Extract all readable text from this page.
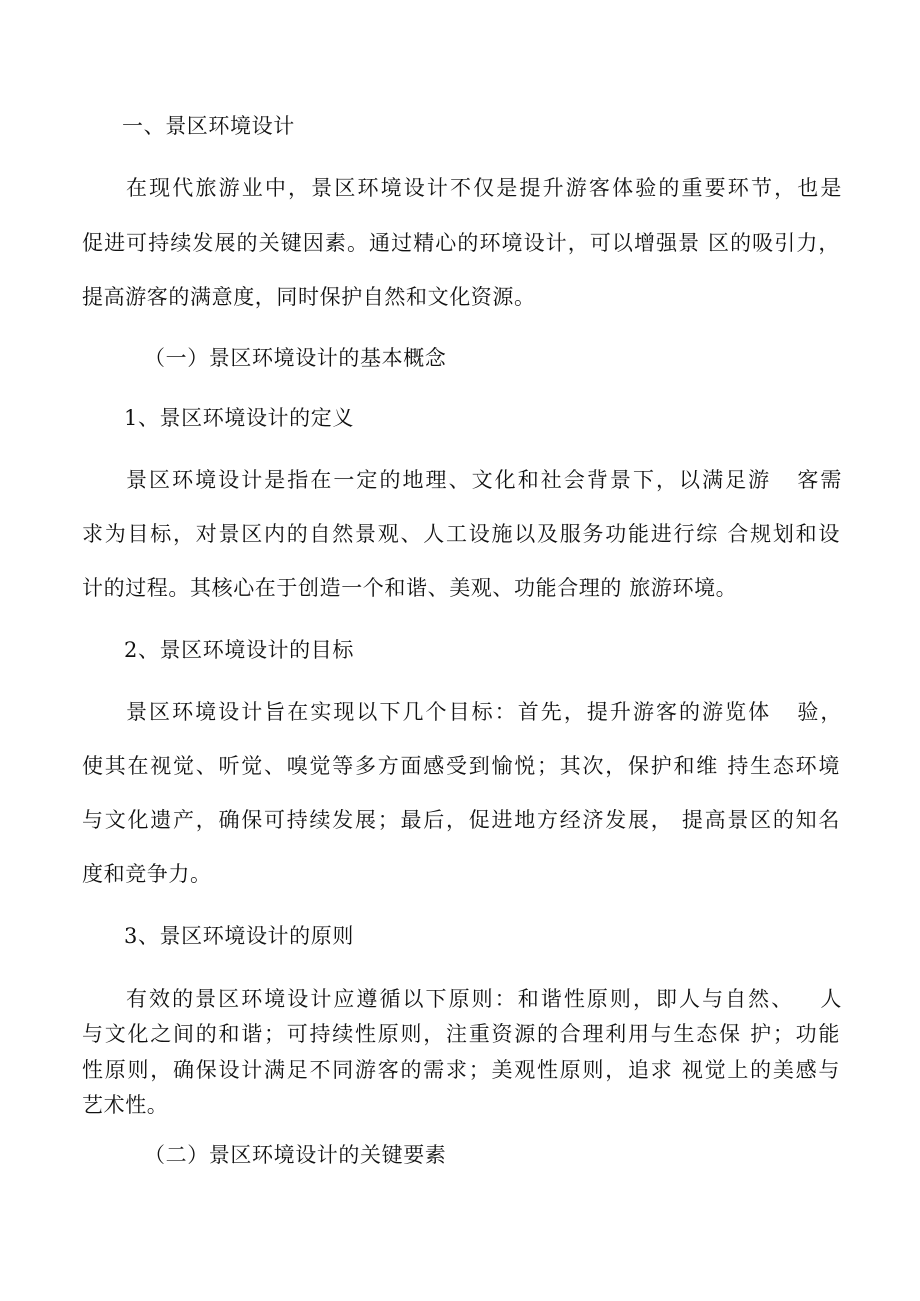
一、景区环境设计

在现代旅游业中，景区环境设计不仅是提升游客体验的重要环节，也是

促进可持续发展的关键因素。通过精心的环境设计，可以增强景 区的吸引力，

提高游客的满意度，同时保护自然和文化资源。

（一）景区环境设计的基本概念

1、景区环境设计的定义

景区环境设计是指在一定的地理、文化和社会背景下，以满足游   客需

求为目标，对景区内的自然景观、人工设施以及服务功能进行综 合规划和设

计的过程。其核心在于创造一个和谐、美观、功能合理的 旅游环境。

2、景区环境设计的目标

景区环境设计旨在实现以下几个目标：首先，提升游客的游览体   验，

使其在视觉、听觉、嗅觉等多方面感受到愉悦；其次，保护和维 持生态环境

与文化遗产，确保可持续发展；最后，促进地方经济发展， 提高景区的知名

度和竞争力。

3、景区环境设计的原则

有效的景区环境设计应遵循以下原则：和谐性原则，即人与自然、   人

与文化之间的和谐；可持续性原则，注重资源的合理利用与生态保 护；功能

性原则，确保设计满足不同游客的需求；美观性原则，追求 视觉上的美感与

艺术性。

（二）景区环境设计的关键要素
